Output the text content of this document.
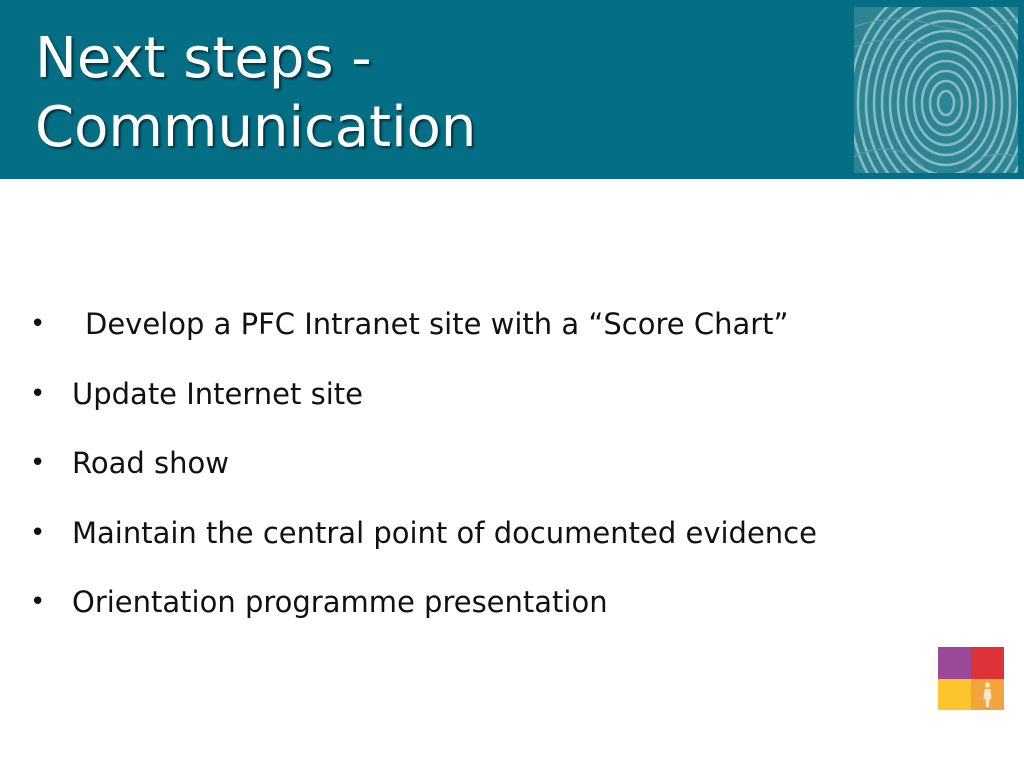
Next steps -
Communication
• Develop a PFC Intranet site with a “Score Chart”
• Update Internet site
• Road show
• Maintain the central point of documented evidence
• Orientation programme presentation
